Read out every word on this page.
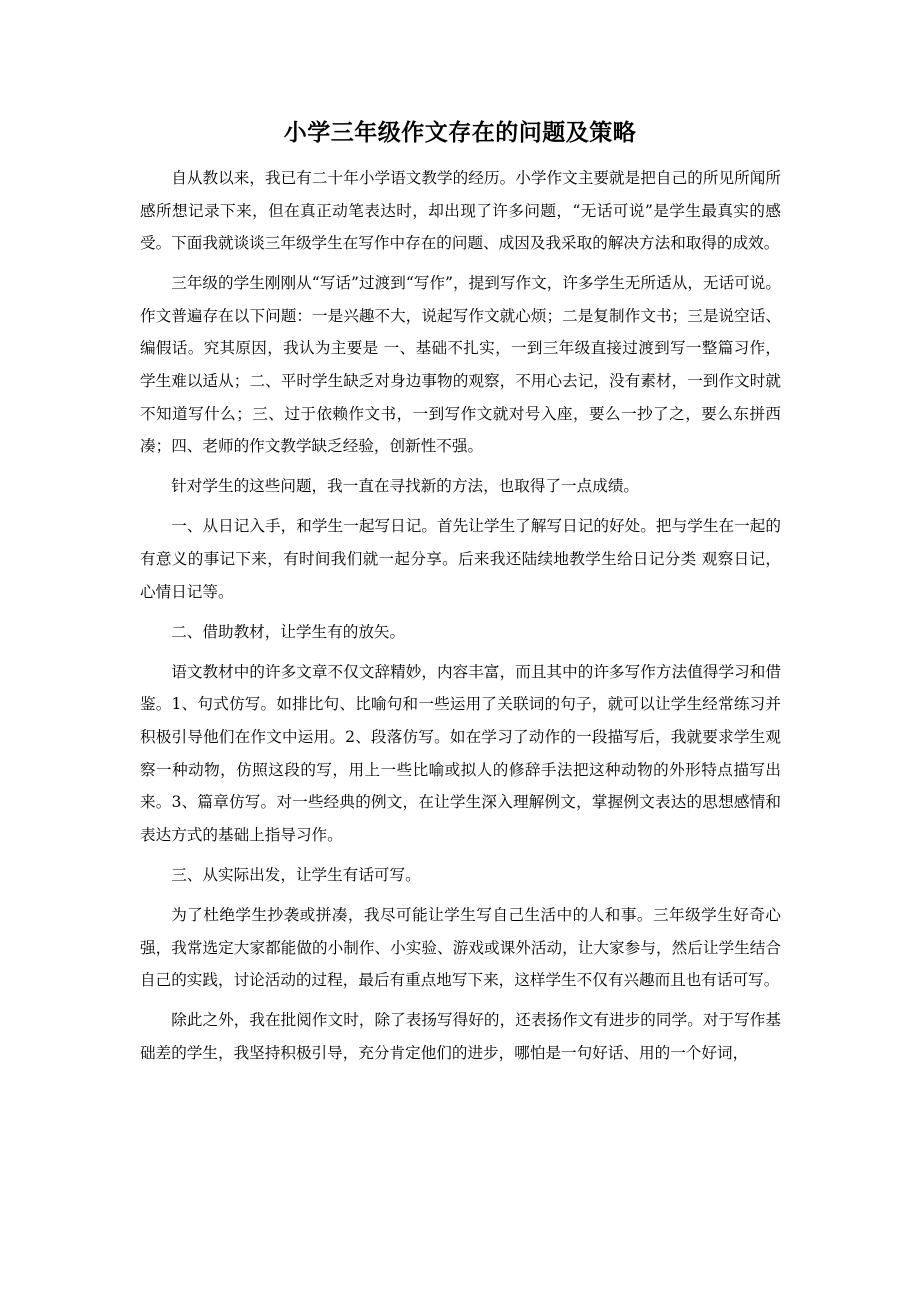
小学三年级作文存在的问题及策略

自从教以来，我已有二十年小学语文教学的经历。小学作文主要就是把自己的所见所闻所感所想记录下来，但在真正动笔表达时，却出现了许多问题，“无话可说”是学生最真实的感受。下面我就谈谈三年级学生在写作中存在的问题、成因及我采取的解决方法和取得的成效。

三年级的学生刚刚从“写话”过渡到“写作”，提到写作文，许多学生无所适从，无话可说。作文普遍存在以下问题：一是兴趣不大，说起写作文就心烦；二是复制作文书；三是说空话、编假话。究其原因，我认为主要是 一、基础不扎实，一到三年级直接过渡到写一整篇习作，学生难以适从；二、平时学生缺乏对身边事物的观察，不用心去记，没有素材，一到作文时就不知道写什么；三、过于依赖作文书，一到写作文就对号入座，要么一抄了之，要么东拼西凑；四、老师的作文教学缺乏经验，创新性不强。

针对学生的这些问题，我一直在寻找新的方法，也取得了一点成绩。

一、从日记入手，和学生一起写日记。首先让学生了解写日记的好处。把与学生在一起的有意义的事记下来，有时间我们就一起分享。后来我还陆续地教学生给日记分类 观察日记，心情日记等。

二、借助教材，让学生有的放矢。

语文教材中的许多文章不仅文辞精妙，内容丰富，而且其中的许多写作方法值得学习和借鉴。1、句式仿写。如排比句、比喻句和一些运用了关联词的句子，就可以让学生经常练习并积极引导他们在作文中运用。2、段落仿写。如在学习了动作的一段描写后，我就要求学生观察一种动物，仿照这段的写，用上一些比喻或拟人的修辞手法把这种动物的外形特点描写出来。3、篇章仿写。对一些经典的例文，在让学生深入理解例文，掌握例文表达的思想感情和表达方式的基础上指导习作。

三、从实际出发，让学生有话可写。

为了杜绝学生抄袭或拼凑，我尽可能让学生写自己生活中的人和事。三年级学生好奇心强，我常选定大家都能做的小制作、小实验、游戏或课外活动，让大家参与，然后让学生结合自己的实践，讨论活动的过程，最后有重点地写下来，这样学生不仅有兴趣而且也有话可写。

除此之外，我在批阅作文时，除了表扬写得好的，还表扬作文有进步的同学。对于写作基础差的学生，我坚持积极引导，充分肯定他们的进步，哪怕是一句好话、用的一个好词，
